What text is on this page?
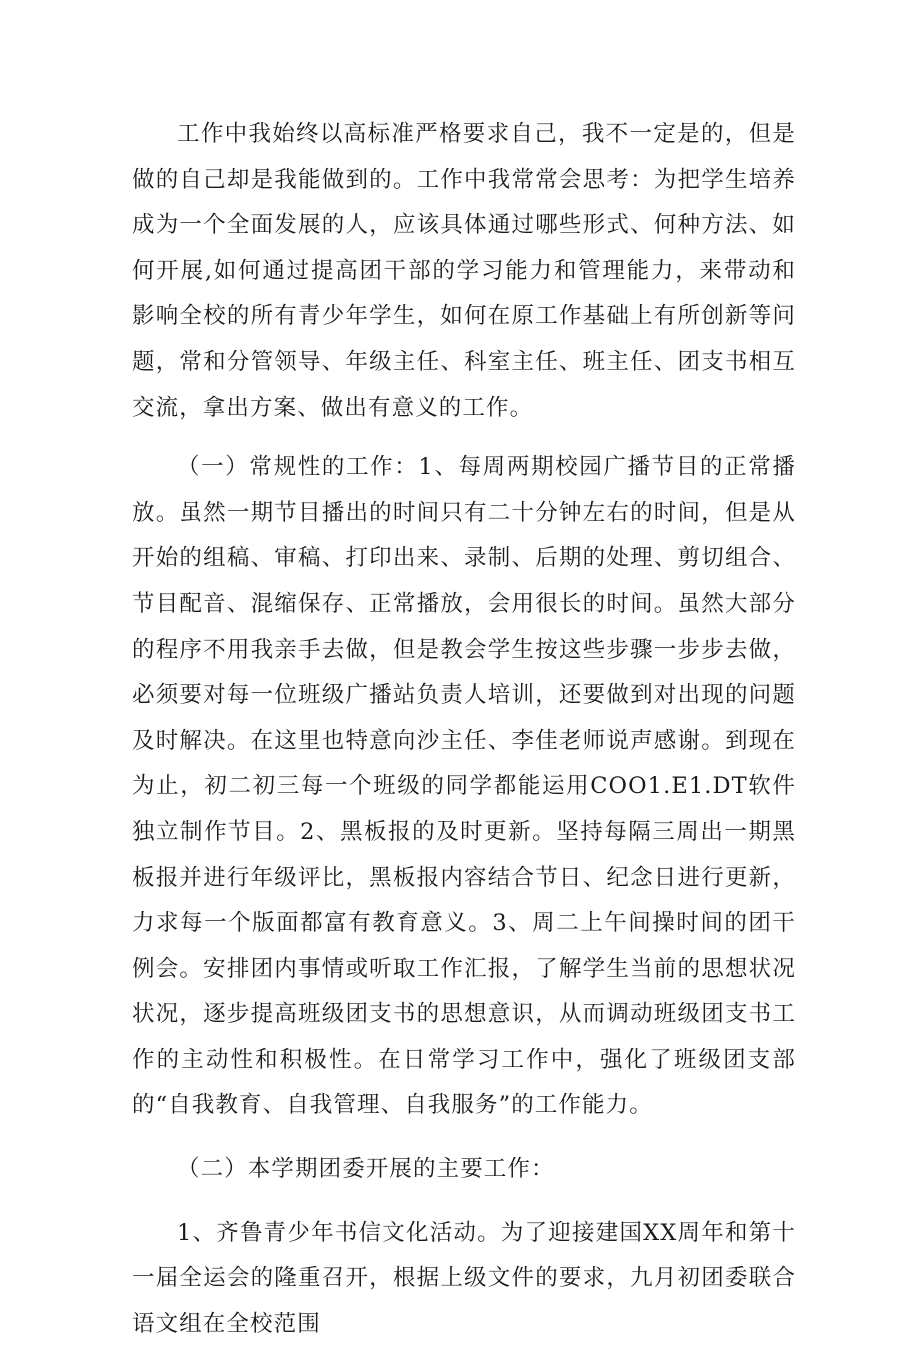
工作中我始终以高标准严格要求自己，我不一定是的，但是做的自己却是我能做到的。工作中我常常会思考：为把学生培养成为一个全面发展的人，应该具体通过哪些形式、何种方法、如何开展,如何通过提高团干部的学习能力和管理能力，来带动和影响全校的所有青少年学生，如何在原工作基础上有所创新等问题，常和分管领导、年级主任、科室主任、班主任、团支书相互交流，拿出方案、做出有意义的工作。

（一）常规性的工作：1、每周两期校园广播节目的正常播放。虽然一期节目播出的时间只有二十分钟左右的时间，但是从开始的组稿、审稿、打印出来、录制、后期的处理、剪切组合、节目配音、混缩保存、正常播放，会用很长的时间。虽然大部分的程序不用我亲手去做，但是教会学生按这些步骤一步步去做，必须要对每一位班级广播站负责人培训，还要做到对出现的问题及时解决。在这里也特意向沙主任、李佳老师说声感谢。到现在为止，初二初三每一个班级的同学都能运用COO1.E1.DT软件独立制作节目。2、黑板报的及时更新。坚持每隔三周出一期黑板报并进行年级评比，黑板报内容结合节日、纪念日进行更新，力求每一个版面都富有教育意义。3、周二上午间操时间的团干例会。安排团内事情或听取工作汇报，了解学生当前的思想状况状况，逐步提高班级团支书的思想意识，从而调动班级团支书工作的主动性和积极性。在日常学习工作中，强化了班级团支部的“自我教育、自我管理、自我服务”的工作能力。

（二）本学期团委开展的主要工作：

1、齐鲁青少年书信文化活动。为了迎接建国XX周年和第十一届全运会的隆重召开，根据上级文件的要求，九月初团委联合语文组在全校范围
